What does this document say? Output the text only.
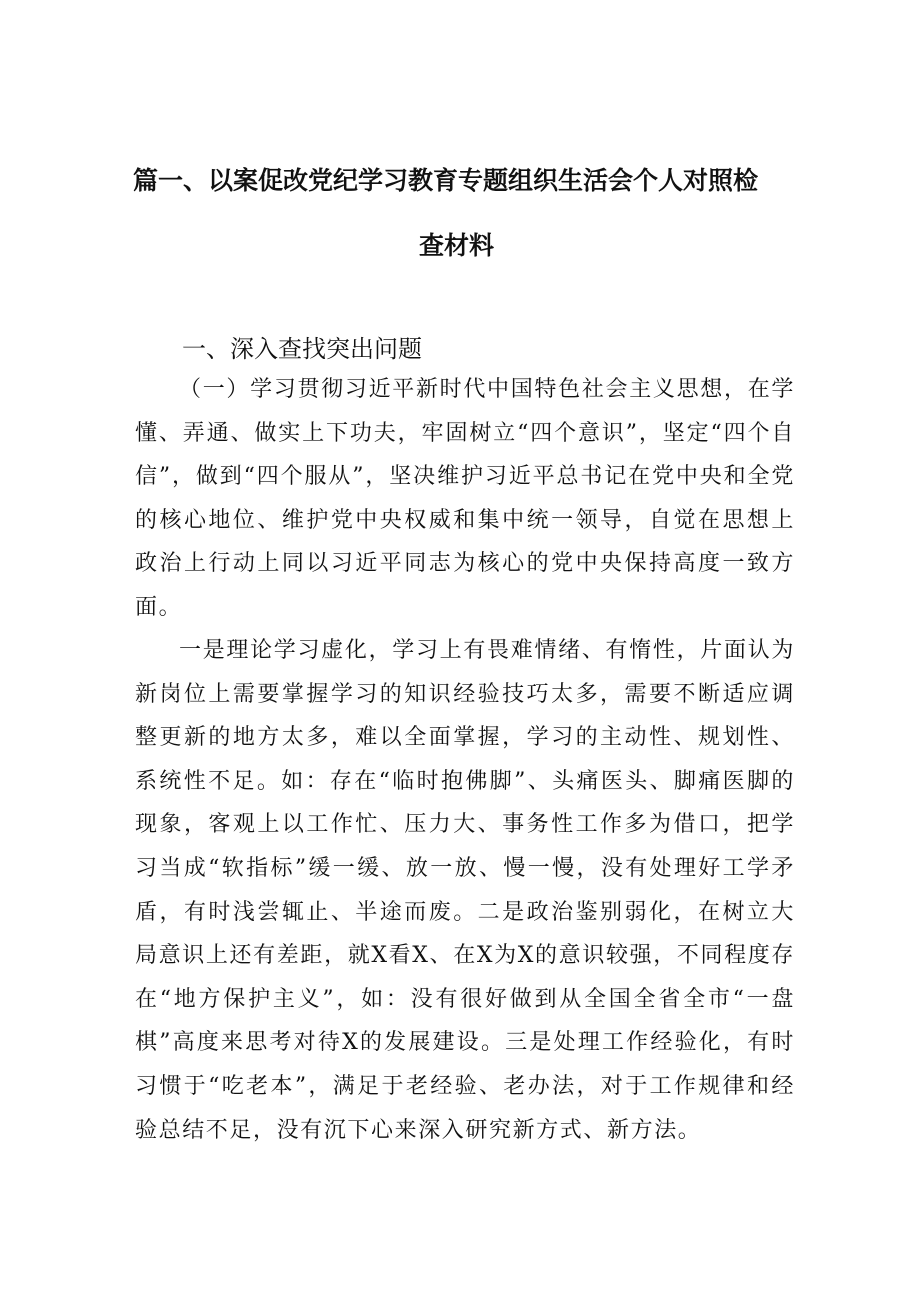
篇一、以案促改党纪学习教育专题组织生活会个人对照检
查材料
一、深入查找突出问题

（一）学习贯彻习近平新时代中国特色社会主义思想，在学懂、弄通、做实上下功夫，牢固树立“四个意识”，坚定“四个自信”，做到“四个服从”，坚决维护习近平总书记在党中央和全党的核心地位、维护党中央权威和集中统一领导，自觉在思想上政治上行动上同以习近平同志为核心的党中央保持高度一致方面。

一是理论学习虚化，学习上有畏难情绪、有惰性，片面认为新岗位上需要掌握学习的知识经验技巧太多，需要不断适应调整更新的地方太多，难以全面掌握，学习的主动性、规划性、系统性不足。如：存在“临时抱佛脚”、头痛医头、脚痛医脚的现象，客观上以工作忙、压力大、事务性工作多为借口，把学习当成“软指标”缓一缓、放一放、慢一慢，没有处理好工学矛盾，有时浅尝辄止、半途而废。二是政治鉴别弱化，在树立大局意识上还有差距，就X看X、在X为X的意识较强，不同程度存在“地方保护主义”，如：没有很好做到从全国全省全市“一盘棋”高度来思考对待X的发展建设。三是处理工作经验化，有时习惯于“吃老本”，满足于老经验、老办法，对于工作规律和经验总结不足，没有沉下心来深入研究新方式、新方法。
